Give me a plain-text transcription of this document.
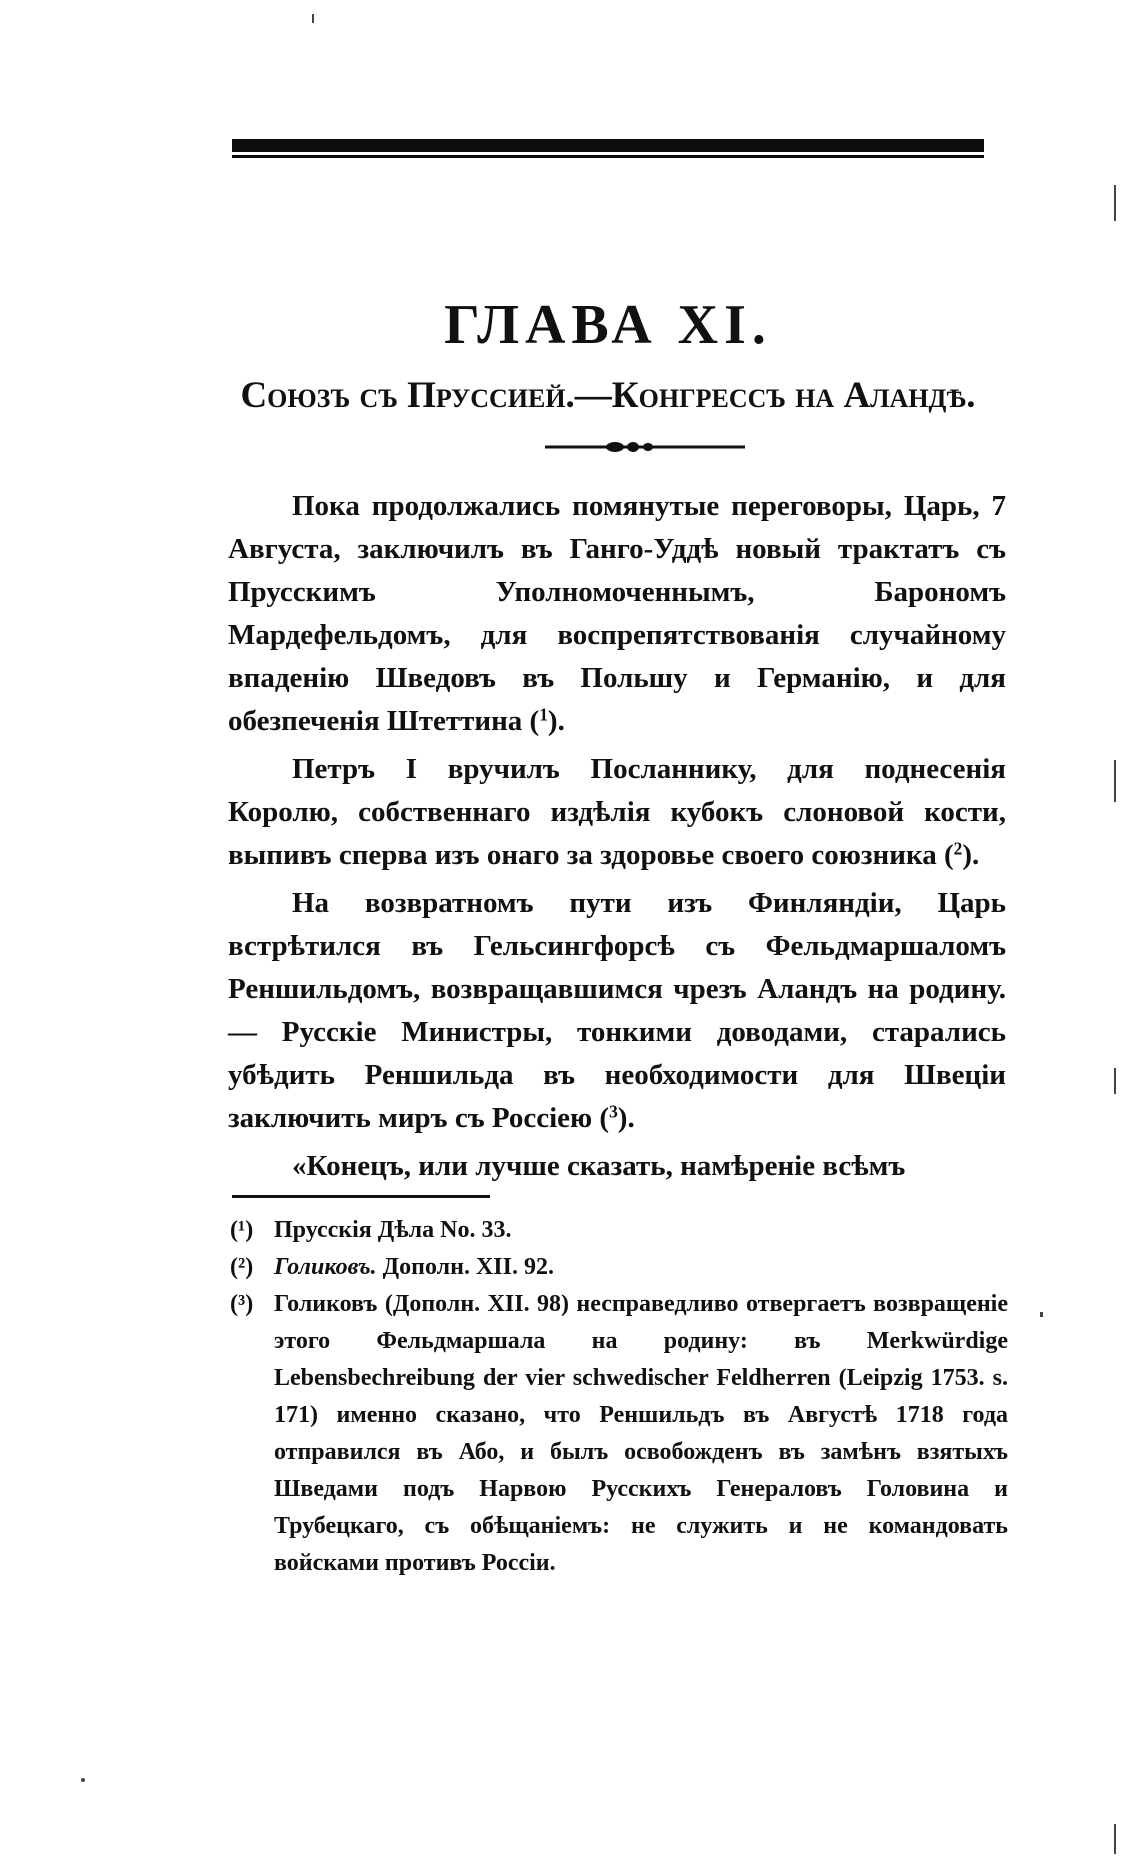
ГЛАВА XI.
Союзъ съ Пруссией.—Конгрессъ на Аландѣ.

Пока продолжались помянутые переговоры, Царь, 7 Августа, заключилъ въ Ганго-Уддѣ новый трактатъ съ Прусскимъ Уполномоченнымъ, Барономъ Мардефельдомъ, для воспрепятствованія случайному впаденію Шведовъ въ Польшу и Германію, и для обезпеченія Штеттина ($^1$).

Петръ I вручилъ Посланнику, для поднесенія Королю, собственнаго издѣлія кубокъ слоновой кости, выпивъ сперва изъ онаго за здоровье своего союзника ($^2$).

На возвратномъ пути изъ Финляндіи, Царь встрѣтился въ Гельсингфорсѣ съ Фельдмаршаломъ Реншильдомъ, возвращавшимся чрезъ Аландъ на родину. — Русскіе Министры, тонкими доводами, старались убѣдить Реншильда въ необходимости для Швеціи заключить миръ съ Россіею ($^3$).

«Конецъ, или лучше сказать, намѣреніе всѣмъ

(¹) Прусскія Дѣла No. 33.
(²) Голиковъ. Дополн. XII. 92.
(³) Голиковъ (Дополн. XII. 98) несправедливо отвергаетъ возвращеніе этого Фельдмаршала на родину: въ Merkwürdige Lebensbechreibung der vier schwedischer Feldherren (Leipzig 1753. s. 171) именно сказано, что Реншильдъ въ Августѣ 1718 года отправился въ Або, и былъ освобожденъ въ замѣнъ взятыхъ Шведами подъ Нарвою Русскихъ Генераловъ Головина и Трубецкаго, съ обѣщаніемъ: не служить и не командовать войсками противъ Россіи.
